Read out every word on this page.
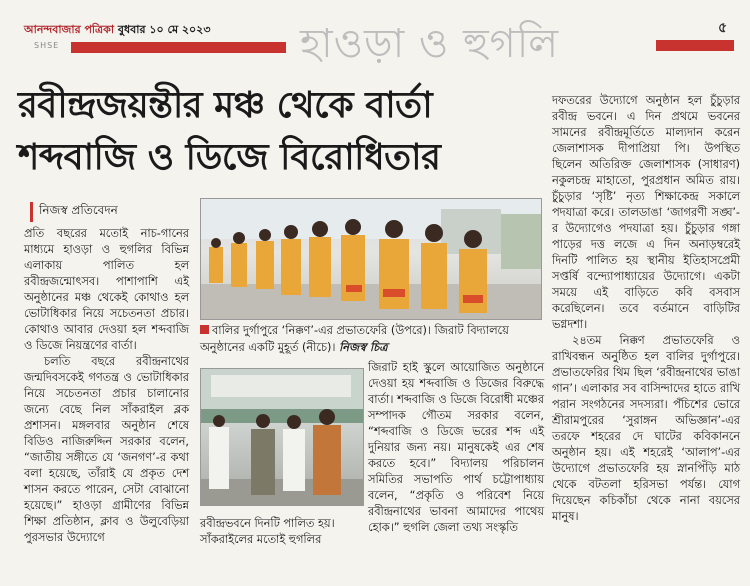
আনন্দবাজার পত্রিকা বুধবার ১০ মে ২০২৩
SHSE	হাওড়া ও হুগলি	৫
রবীন্দ্রজয়ন্তীর মঞ্চ থেকে বার্তা
শব্দবাজি ও ডিজে বিরোধিতার
নিজস্ব প্রতিবেদন

প্রতি বছরের মতোই নাচ-গানের মাধ্যমে হাওড়া ও হুগলির বিভিন্ন এলাকায় পালিত হল রবীন্দ্রজন্মোৎসব। পাশাপাশি এই অনুষ্ঠানের মঞ্চ থেকেই কোথাও হল ভোটাধিকার নিয়ে সচেতনতা প্রচার। কোথাও আবার দেওয়া হল শব্দবাজি ও ডিজে নিয়ন্ত্রণের বার্তা।

চলতি বছরে রবীন্দ্রনাথের জন্মদিবসকেই গণতন্ত্র ও ভোটাধিকার নিয়ে সচেতনতা প্রচার চালানোর জন্যে বেছে নিল সাঁকরাইল ব্লক প্রশাসন। মঙ্গলবার অনুষ্ঠান শেষে বিডিও নাজিরুদ্দিন সরকার বলেন, “জাতীয় সঙ্গীতে যে ‘জনগণ’-র কথা বলা হয়েছে, তাঁরাই যে প্রকৃত দেশ শাসন করতে পারেন, সেটা বোঝানো হয়েছে।” হাওড়া গ্রামীণের বিভিন্ন শিক্ষা প্রতিষ্ঠান, ক্লাব ও উলুবেড়িয়া পুরসভার উদ্যোগে

বালির দুর্গাপুরে ‘নিক্কণ’-এর প্রভাতফেরি (উপরে)। জিরাট বিদ্যালয়ে অনুষ্ঠানের একটি মুহূর্ত (নীচে)। নিজস্ব চিত্র
রবীন্দ্রভবনে দিনটি পালিত হয়। সাঁকরাইলের মতোই হুগলির

জিরাট হাই স্কুলে আয়োজিত অনুষ্ঠানে দেওয়া হয় শব্দবাজি ও ডিজের বিরুদ্ধে বার্তা। শব্দবাজি ও ডিজে বিরোধী মঞ্চের সম্পাদক গৌতম সরকার বলেন, “শব্দবাজি ও ডিজে ভরের শব্দ এই দুনিয়ার জন্য নয়। মানুষকেই এর শেষ করতে হবে।” বিদ্যালয় পরিচালন সমিতির সভাপতি পার্থ চট্টোপাধ্যায় বলেন, “প্রকৃতি ও পরিবেশ নিয়ে রবীন্দ্রনাথের ভাবনা আমাদের পাথেয় হোক।” হুগলি জেলা তথ্য সংস্কৃতি

দফতরের উদ্যোগে অনুষ্ঠান হল চুঁচুড়ার রবীন্দ্র ভবনে। এ দিন প্রথমে ভবনের সামনের রবীন্দ্রমূর্তিতে মাল্যদান করেন জেলাশাসক দীপাপ্রিয়া পি। উপস্থিত ছিলেন অতিরিক্ত জেলাশাসক (সাধারণ) নকুলচন্দ্র মাহাতো, পুরপ্রধান অমিত রায়। চুঁচুড়ার ‘সৃষ্টি’ নৃত্য শিক্ষাকেন্দ্র সকালে পদযাত্রা করে। তালডাঙা ‘জাগরণী সঙ্ঘ’-র উদ্যোগেও পদযাত্রা হয়। চুঁচুড়ার গঙ্গা পাড়ের দত্ত লজে এ দিন অনাড়ম্বরেই দিনটি পালিত হয় স্থানীয় ইতিহাসপ্রেমী সপ্তর্ষি বন্দ্যোপাধ্যায়ের উদ্যোগে। একটা সময়ে এই বাড়িতে কবি বসবাস করেছিলেন। তবে বর্তমানে বাড়িটির ভগ্নদশা।

২৪তম নিক্কণ প্রভাতফেরি ও রাখিবন্ধন অনুষ্ঠিত হল বালির দুর্গাপুরে।প্রভাতফেরির থিম ছিল ‘রবীন্দ্রনাথের ভাঙা গান’। এলাকার সব বাসিন্দাদের হাতে রাখি পরান সংগঠনের সদস্যরা। পঁচিশের ভোরে শ্রীরামপুরের ‘সুরাঙ্গন অভিজ্ঞান’-এর তরফে শহরের দে ঘাটের কবিকাননে অনুষ্ঠান হয়। এই শহরেই ‘আলাপ’-এর উদ্যোগে প্রভাতফেরি হয় স্নানপিঁড়ি মাঠ থেকে বটতলা হরিসভা পর্যন্ত। যোগ দিয়েছেন কচিকাঁচা থেকে নানা বয়সের মানুষ।
